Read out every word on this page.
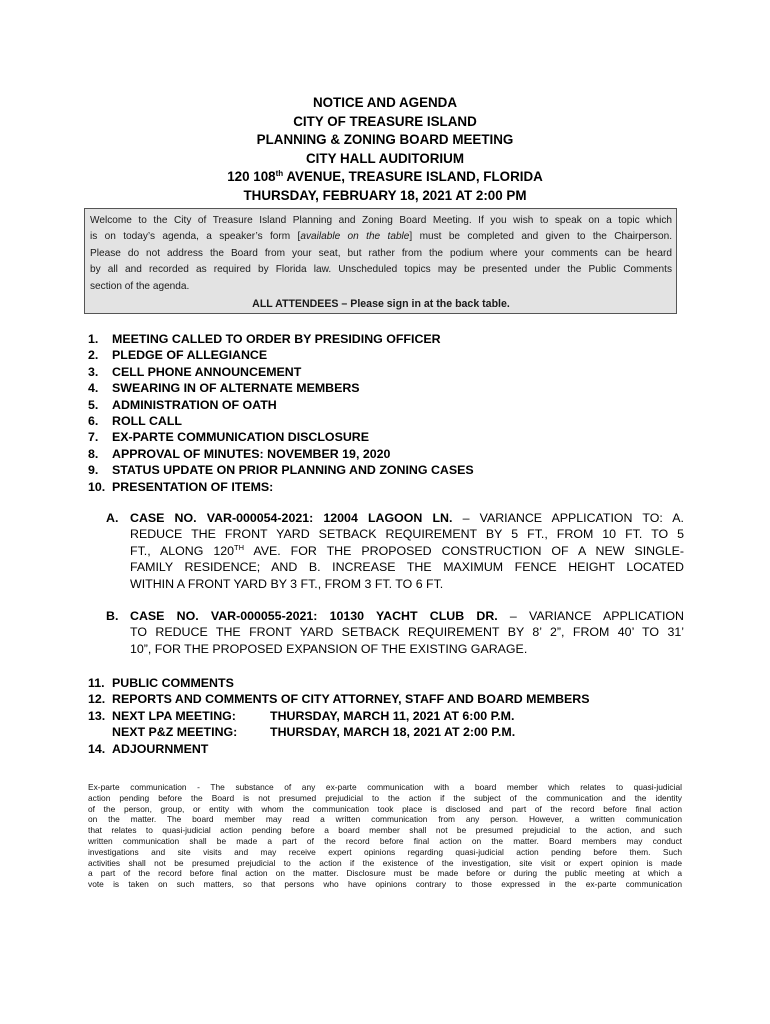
NOTICE AND AGENDA
CITY OF TREASURE ISLAND
PLANNING & ZONING BOARD MEETING
CITY HALL AUDITORIUM
120 108th AVENUE, TREASURE ISLAND, FLORIDA
THURSDAY, FEBRUARY 18, 2021 AT 2:00 PM
Welcome to the City of Treasure Island Planning and Zoning Board Meeting. If you wish to speak on a topic which
is on today’s agenda, a speaker’s form [available on the table] must be completed and given to the Chairperson.
Please do not address the Board from your seat, but rather from the podium where your comments can be heard
by all and recorded as required by Florida law. Unscheduled topics may be presented under the Public Comments
section of the agenda.
ALL ATTENDEES – Please sign in at the back table.
1. MEETING CALLED TO ORDER BY PRESIDING OFFICER
2. PLEDGE OF ALLEGIANCE
3. CELL PHONE ANNOUNCEMENT
4. SWEARING IN OF ALTERNATE MEMBERS
5. ADMINISTRATION OF OATH
6. ROLL CALL
7. EX-PARTE COMMUNICATION DISCLOSURE
8. APPROVAL OF MINUTES: NOVEMBER 19, 2020
9. STATUS UPDATE ON PRIOR PLANNING AND ZONING CASES
10. PRESENTATION OF ITEMS:
A. CASE NO. VAR-000054-2021: 12004 LAGOON LN. – VARIANCE APPLICATION TO: A.
REDUCE THE FRONT YARD SETBACK REQUIREMENT BY 5 FT., FROM 10 FT. TO 5
FT., ALONG 120TH AVE. FOR THE PROPOSED CONSTRUCTION OF A NEW SINGLE-
FAMILY RESIDENCE; AND B. INCREASE THE MAXIMUM FENCE HEIGHT LOCATED
WITHIN A FRONT YARD BY 3 FT., FROM 3 FT. TO 6 FT.
B. CASE NO. VAR-000055-2021: 10130 YACHT CLUB DR. – VARIANCE APPLICATION
TO REDUCE THE FRONT YARD SETBACK REQUIREMENT BY 8’ 2”, FROM 40’ TO 31’
10”, FOR THE PROPOSED EXPANSION OF THE EXISTING GARAGE.
11. PUBLIC COMMENTS
12. REPORTS AND COMMENTS OF CITY ATTORNEY, STAFF AND BOARD MEMBERS
13. NEXT LPA MEETING:	THURSDAY, MARCH 11, 2021 AT 6:00 P.M.
NEXT P&Z MEETING:	THURSDAY, MARCH 18, 2021 AT 2:00 P.M.
14. ADJOURNMENT
Ex-parte communication - The substance of any ex-parte communication with a board member which relates to quasi-judicial
action pending before the Board is not presumed prejudicial to the action if the subject of the communication and the identity
of the person, group, or entity with whom the communication took place is disclosed and part of the record before final action
on the matter. The board member may read a written communication from any person. However, a written communication
that relates to quasi-judicial action pending before a board member shall not be presumed prejudicial to the action, and such
written communication shall be made a part of the record before final action on the matter. Board members may conduct
investigations and site visits and may receive expert opinions regarding quasi-judicial action pending before them. Such
activities shall not be presumed prejudicial to the action if the existence of the investigation, site visit or expert opinion is made
a part of the record before final action on the matter. Disclosure must be made before or during the public meeting at which a
vote is taken on such matters, so that persons who have opinions contrary to those expressed in the ex-parte communication
